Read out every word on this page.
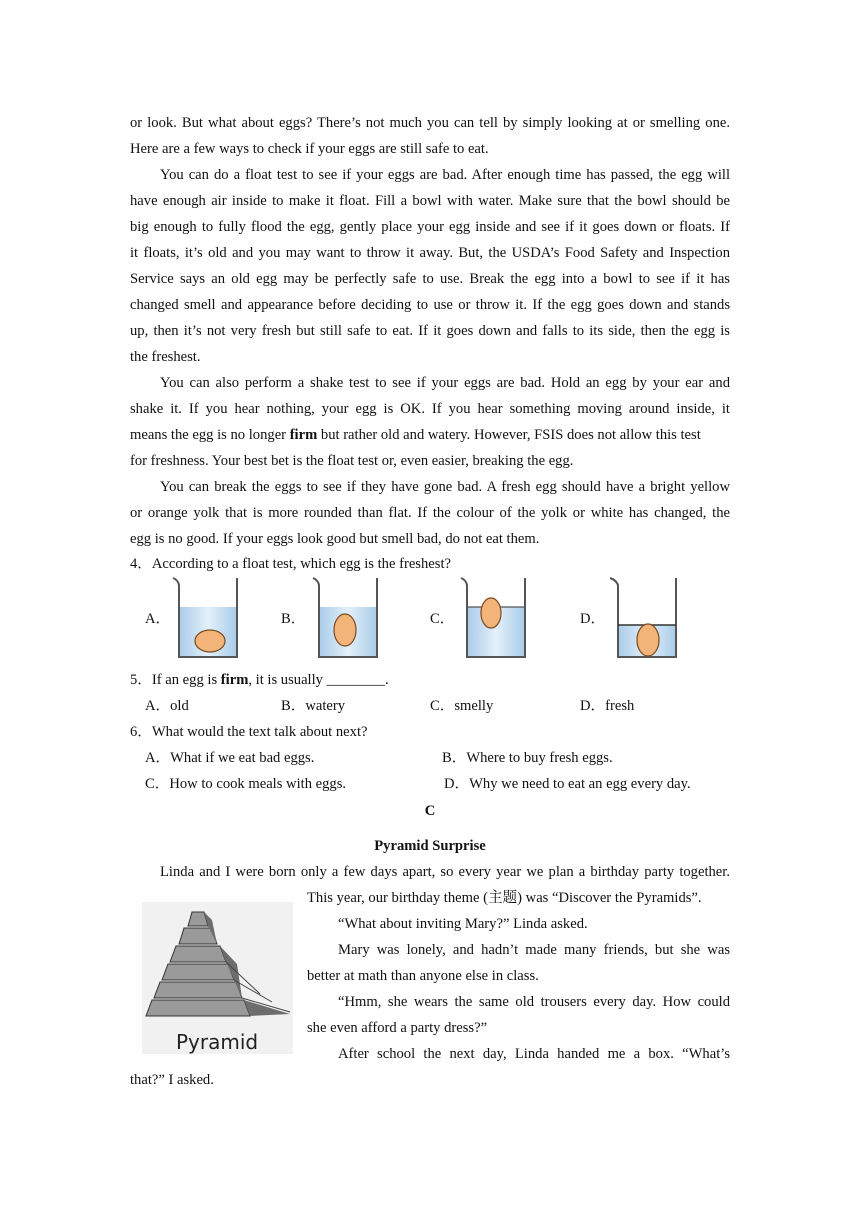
or look. But what about eggs? There’s not much you can tell by simply looking at or smelling one.
Here are a few ways to check if your eggs are still safe to eat.
You can do a float test to see if your eggs are bad. After enough time has passed, the egg will
have enough air inside to make it float. Fill a bowl with water. Make sure that the bowl should be
big enough to fully flood the egg, gently place your egg inside and see if it goes down or floats. If
it floats, it’s old and you may want to throw it away. But, the USDA’s Food Safety and Inspection
Service says an old egg may be perfectly safe to use. Break the egg into a bowl to see if it has
changed smell and appearance before deciding to use or throw it. If the egg goes down and stands
up, then it’s not very fresh but still safe to eat. If it goes down and falls to its side, then the egg is
the freshest.
You can also perform a shake test to see if your eggs are bad. Hold an egg by your ear and
shake it. If you hear nothing, your egg is OK. If you hear something moving around inside, it
means the egg is no longer firm but rather old and watery. However, FSIS does not allow this test
for freshness. Your best bet is the float test or, even easier, breaking the egg.
You can break the eggs to see if they have gone bad. A fresh egg should have a bright yellow
or orange yolk that is more rounded than flat. If the colour of the yolk or white has changed, the
egg is no good. If your eggs look good but smell bad, do not eat them.
4．According to a float test, which egg is the freshest?
A．	B．	C．	D．
5．If an egg is firm, it is usually ________.
A．old	B．watery	C．smelly	D．fresh
6．What would the text talk about next?
A．What if we eat bad eggs.	B．Where to buy fresh eggs.
C．How to cook meals with eggs.	D．Why we need to eat an egg every day.
C
Pyramid Surprise
Linda and I were born only a few days apart, so every year we plan a birthday party together.
This year, our birthday theme (主题) was “Discover the Pyramids”.
“What about inviting Mary?” Linda asked.
Mary was lonely, and hadn’t made many friends, but she was
better at math than anyone else in class.
“Hmm, she wears the same old trousers every day. How could
she even afford a party dress?”
After school the next day, Linda handed me a box. “What’s
that?” I asked.
Pyramid
